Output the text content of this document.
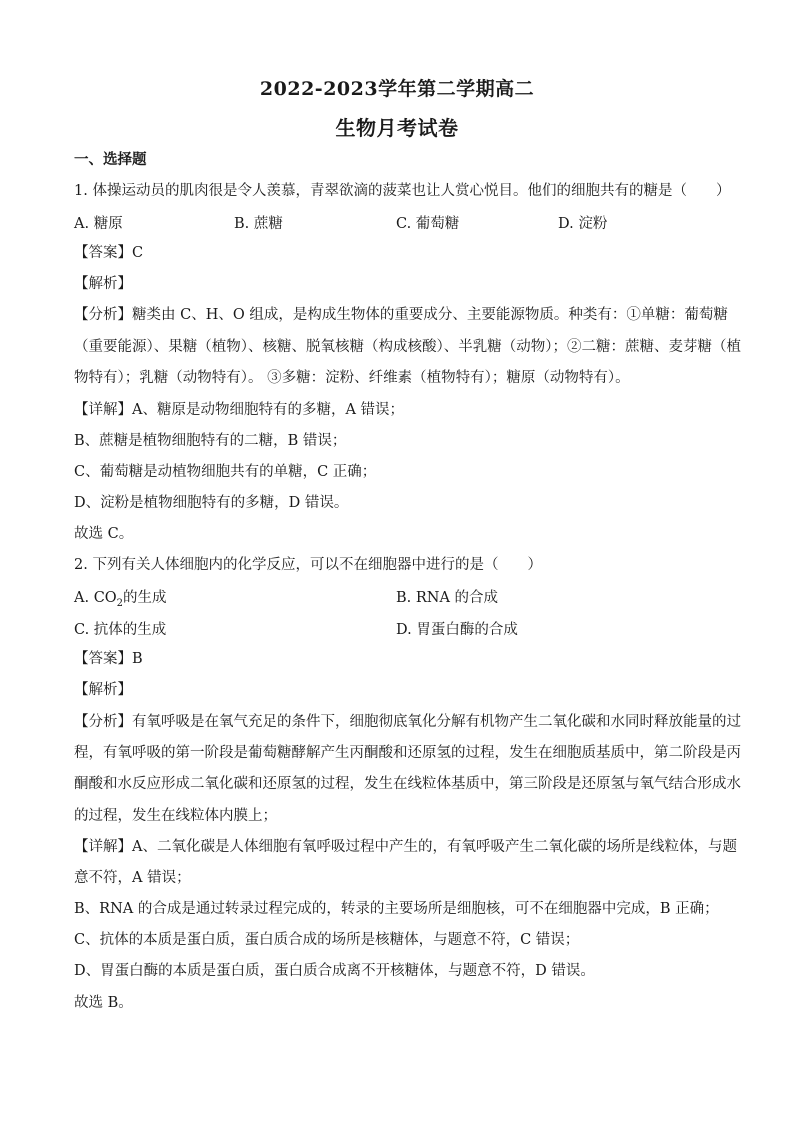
2022-2023学年第二学期高二
生物月考试卷
一、选择题
1. 体操运动员的肌肉很是令人羡慕，青翠欲滴的菠菜也让人赏心悦目。他们的细胞共有的糖是（　　）
A. 糖原	B. 蔗糖	C. 葡萄糖	D. 淀粉
【答案】C
【解析】
【分析】糖类由 C、H、O 组成，是构成生物体的重要成分、主要能源物质。种类有：①单糖：葡萄糖
（重要能源）、果糖（植物）、核糖、脱氧核糖（构成核酸）、半乳糖（动物）；②二糖：蔗糖、麦芽糖（植
物特有）；乳糖（动物特有）。 ③多糖：淀粉、纤维素（植物特有）；糖原（动物特有）。
【详解】A、糖原是动物细胞特有的多糖，A 错误；
B、蔗糖是植物细胞特有的二糖，B 错误；
C、葡萄糖是动植物细胞共有的单糖，C 正确；
D、淀粉是植物细胞特有的多糖，D 错误。
故选 C。
2. 下列有关人体细胞内的化学反应，可以不在细胞器中进行的是（　　）
A. $CO_2$的生成	B. RNA 的合成
C. 抗体的生成	D. 胃蛋白酶的合成
【答案】B
【解析】
【分析】有氧呼吸是在氧气充足的条件下，细胞彻底氧化分解有机物产生二氧化碳和水同时释放能量的过
程，有氧呼吸的第一阶段是葡萄糖酵解产生丙酮酸和还原氢的过程，发生在细胞质基质中，第二阶段是丙
酮酸和水反应形成二氧化碳和还原氢的过程，发生在线粒体基质中，第三阶段是还原氢与氧气结合形成水
的过程，发生在线粒体内膜上；
【详解】A、二氧化碳是人体细胞有氧呼吸过程中产生的，有氧呼吸产生二氧化碳的场所是线粒体，与题
意不符，A 错误；
B、RNA 的合成是通过转录过程完成的，转录的主要场所是细胞核，可不在细胞器中完成，B 正确；
C、抗体的本质是蛋白质，蛋白质合成的场所是核糖体，与题意不符，C 错误；
D、胃蛋白酶的本质是蛋白质，蛋白质合成离不开核糖体，与题意不符，D 错误。
故选 B。
